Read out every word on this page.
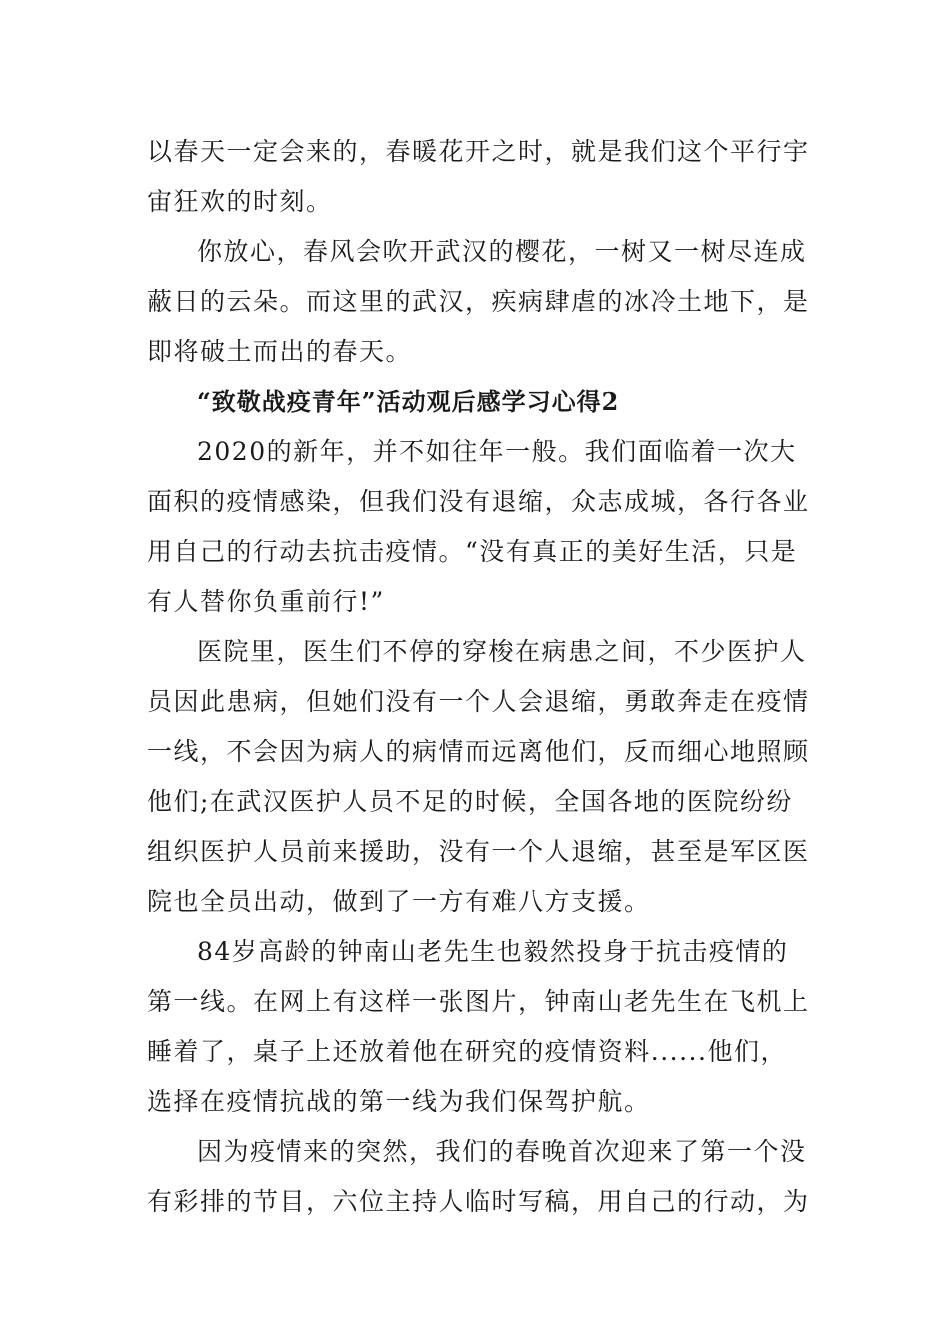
以春天一定会来的，春暖花开之时，就是我们这个平行宇
宙狂欢的时刻。
你放心，春风会吹开武汉的樱花，一树又一树尽连成
蔽日的云朵。而这里的武汉，疾病肆虐的冰冷土地下，是
即将破土而出的春天。
“致敬战疫青年”活动观后感学习心得2
2020的新年，并不如往年一般。我们面临着一次大
面积的疫情感染，但我们没有退缩，众志成城，各行各业
用自己的行动去抗击疫情。“没有真正的美好生活，只是
有人替你负重前行!”
医院里，医生们不停的穿梭在病患之间，不少医护人
员因此患病，但她们没有一个人会退缩，勇敢奔走在疫情
一线，不会因为病人的病情而远离他们，反而细心地照顾
他们;在武汉医护人员不足的时候，全国各地的医院纷纷
组织医护人员前来援助，没有一个人退缩，甚至是军区医
院也全员出动，做到了一方有难八方支援。
84岁高龄的钟南山老先生也毅然投身于抗击疫情的
第一线。在网上有这样一张图片，钟南山老先生在飞机上
睡着了，桌子上还放着他在研究的疫情资料......他们，
选择在疫情抗战的第一线为我们保驾护航。
因为疫情来的突然，我们的春晚首次迎来了第一个没
有彩排的节目，六位主持人临时写稿，用自己的行动，为
